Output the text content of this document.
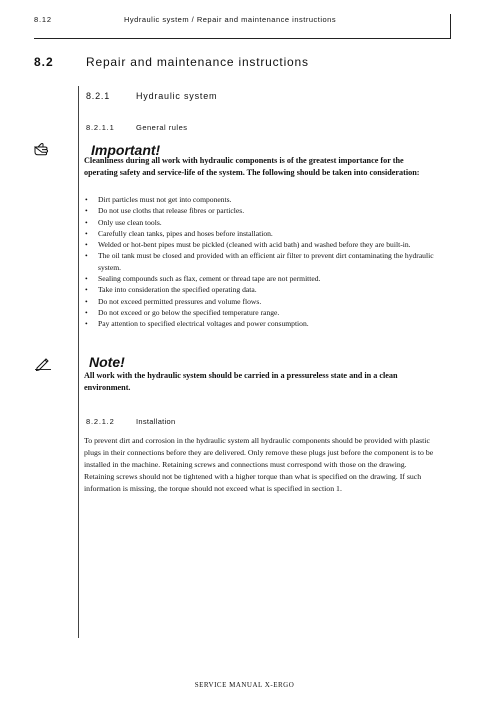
8.12	Hydraulic system / Repair and maintenance instructions
8.2	Repair and maintenance instructions
8.2.1	Hydraulic system
8.2.1.1	General rules
Important!
Cleanliness during all work with hydraulic components is of the greatest importance for the operating safety and service-life of the system. The following should be taken into consideration:
• Dirt particles must not get into components.
• Do not use cloths that release fibres or particles.
• Only use clean tools.
• Carefully clean tanks, pipes and hoses before installation.
• Welded or hot-bent pipes must be pickled (cleaned with acid bath) and washed before they are built-in.
• The oil tank must be closed and provided with an efficient air filter to prevent dirt contaminating the hydraulic system.
• Sealing compounds such as flax, cement or thread tape are not permitted.
• Take into consideration the specified operating data.
• Do not exceed permitted pressures and volume flows.
• Do not exceed or go below the specified temperature range.
• Pay attention to specified electrical voltages and power consumption.
Note!
All work with the hydraulic system should be carried in a pressureless state and in a clean environment.
8.2.1.2	Installation
To prevent dirt and corrosion in the hydraulic system all hydraulic components should be provided with plastic plugs in their connections before they are delivered. Only remove these plugs just before the component is to be installed in the machine. Retaining screws and connections must correspond with those on the drawing. Retaining screws should not be tightened with a higher torque than what is specified on the drawing. If such information is missing, the torque should not exceed what is specified in section 1.
SERVICE MANUAL X-ERGO
